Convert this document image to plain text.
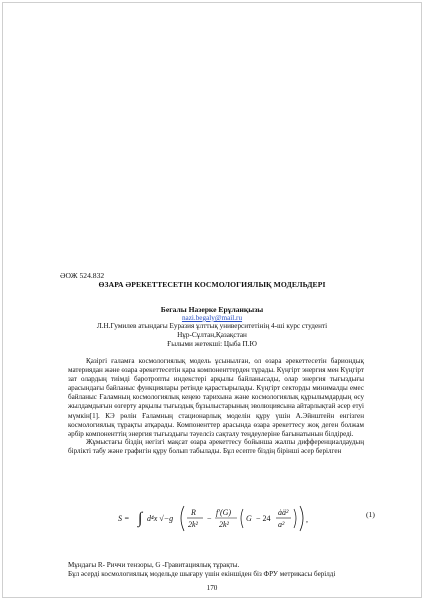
ӘОЖ 524.832
ӨЗАРА ӘРЕКЕТТЕСЕТІН КОСМОЛОГИЯЛЫҚ МОДЕЛЬДЕРІ
Бегалы Назерке Ерұланқызы
nazi.begaly@mail.ru
Л.Н.Гумилев атындағы Еуразия ұлттық университетінің 4-ші курс студенті
Нұр-Сұлтан,Қазақстан
Ғылыми жетекші: Цыба П.Ю
Қазіргі ғаламға космологиялық модель ұсынылған, ол өзара әрекеттесетін бариондық материядан және өзара әрекеттесетін қара компоненттерден тұрады. Күңгірт энергия мен Күңгірт зат олардың тиімді баротропты индекстері арқылы байланысады, олар энергия тығыздығы арасындағы байланыс функциялары ретінде қарастырылады. Күңгірт секторды минималды емес байланыс Ғаламның космологиялық кеңею тарихына және космологиялық құрылымдардың өсу жылдамдығын өзгерту арқылы тығыздық бұзылыстарының эволюциясына айтарлықтай әсер етуі мүмкін[1]. КЭ рөлін Ғаламның стационарлық моделін құру үшін А.Эйнштейн енгізген космологиялық тұрақты атқарады. Компоненттер арасында өзара әрекеттесу жоқ деген болжам әрбір компоненттің энергия тығыздығы тәуелсіз сақталу теңдеулеріне бағынатынын білдіреді.
Жұмыстағы біздің негізгі мақсат өзара әрекеттесу бойынша жалпы дифференциалдаудың бірлікті табу және графигін құру болып табылады. Бұл есепте біздің бірінші әсер берілген
S = ∫ d⁴x √−g
R
2k²
−
f′(G)
2k²
G − 24
ȧä²
a²
,
(1)
Мұндағы R- Риччи тензоры, G -Гравитациялық тұрақты.
Бұл әсерді космологиялық модельде шығару үшін екіншіден біз ФРУ метрикасы берілді
170
